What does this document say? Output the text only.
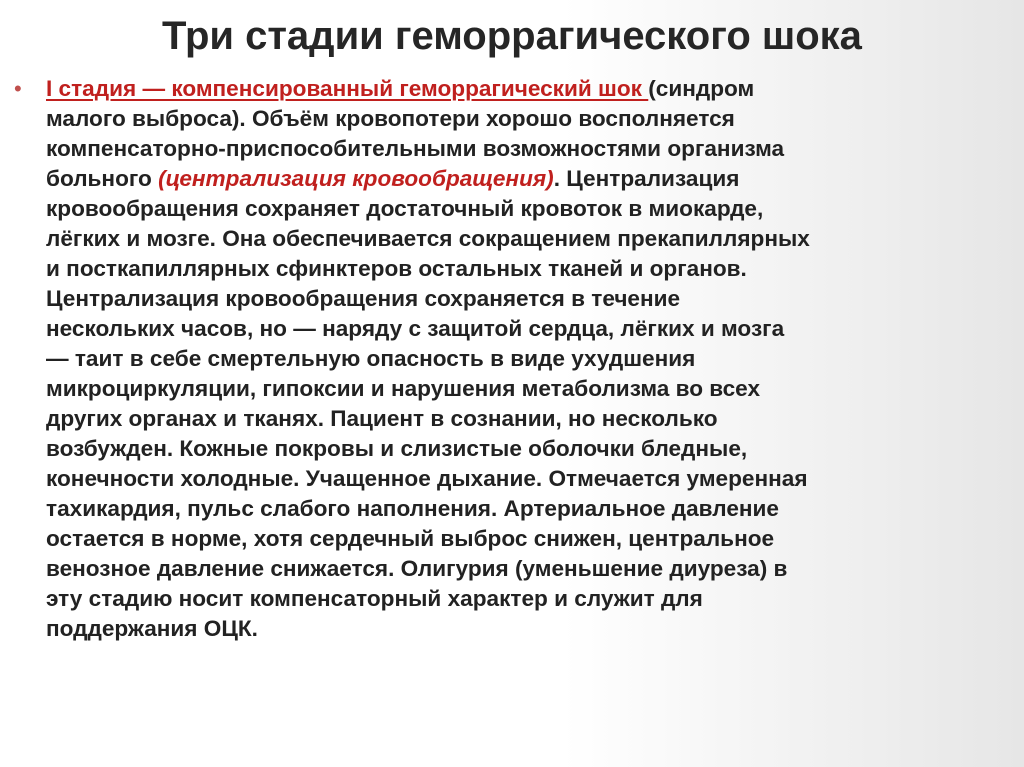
Три стадии геморрагического шока
• I стадия — компенсированный геморрагический шок (синдром
малого выброса). Объём кровопотери хорошо восполняется
компенсаторно-приспособительными возможностями организма
больного (централизация кровообращения). Централизация
кровообращения сохраняет достаточный кровоток в миокарде,
лёгких и мозге. Она обеспечивается сокращением прекапиллярных
и посткапиллярных сфинктеров остальных тканей и органов.
Централизация кровообращения сохраняется в течение
нескольких часов, но — наряду с защитой сердца, лёгких и мозга
— таит в себе смертельную опасность в виде ухудшения
микроциркуляции, гипоксии и нарушения метаболизма во всех
других органах и тканях. Пациент в сознании, но несколько
возбужден. Кожные покровы и слизистые оболочки бледные,
конечности холодные. Учащенное дыхание. Отмечается умеренная
тахикардия, пульс слабого наполнения. Артериальное давление
остается в норме, хотя сердечный выброс снижен, центральное
венозное давление снижается. Олигурия (уменьшение диуреза) в
эту стадию носит компенсаторный характер и служит для
поддержания ОЦК.
